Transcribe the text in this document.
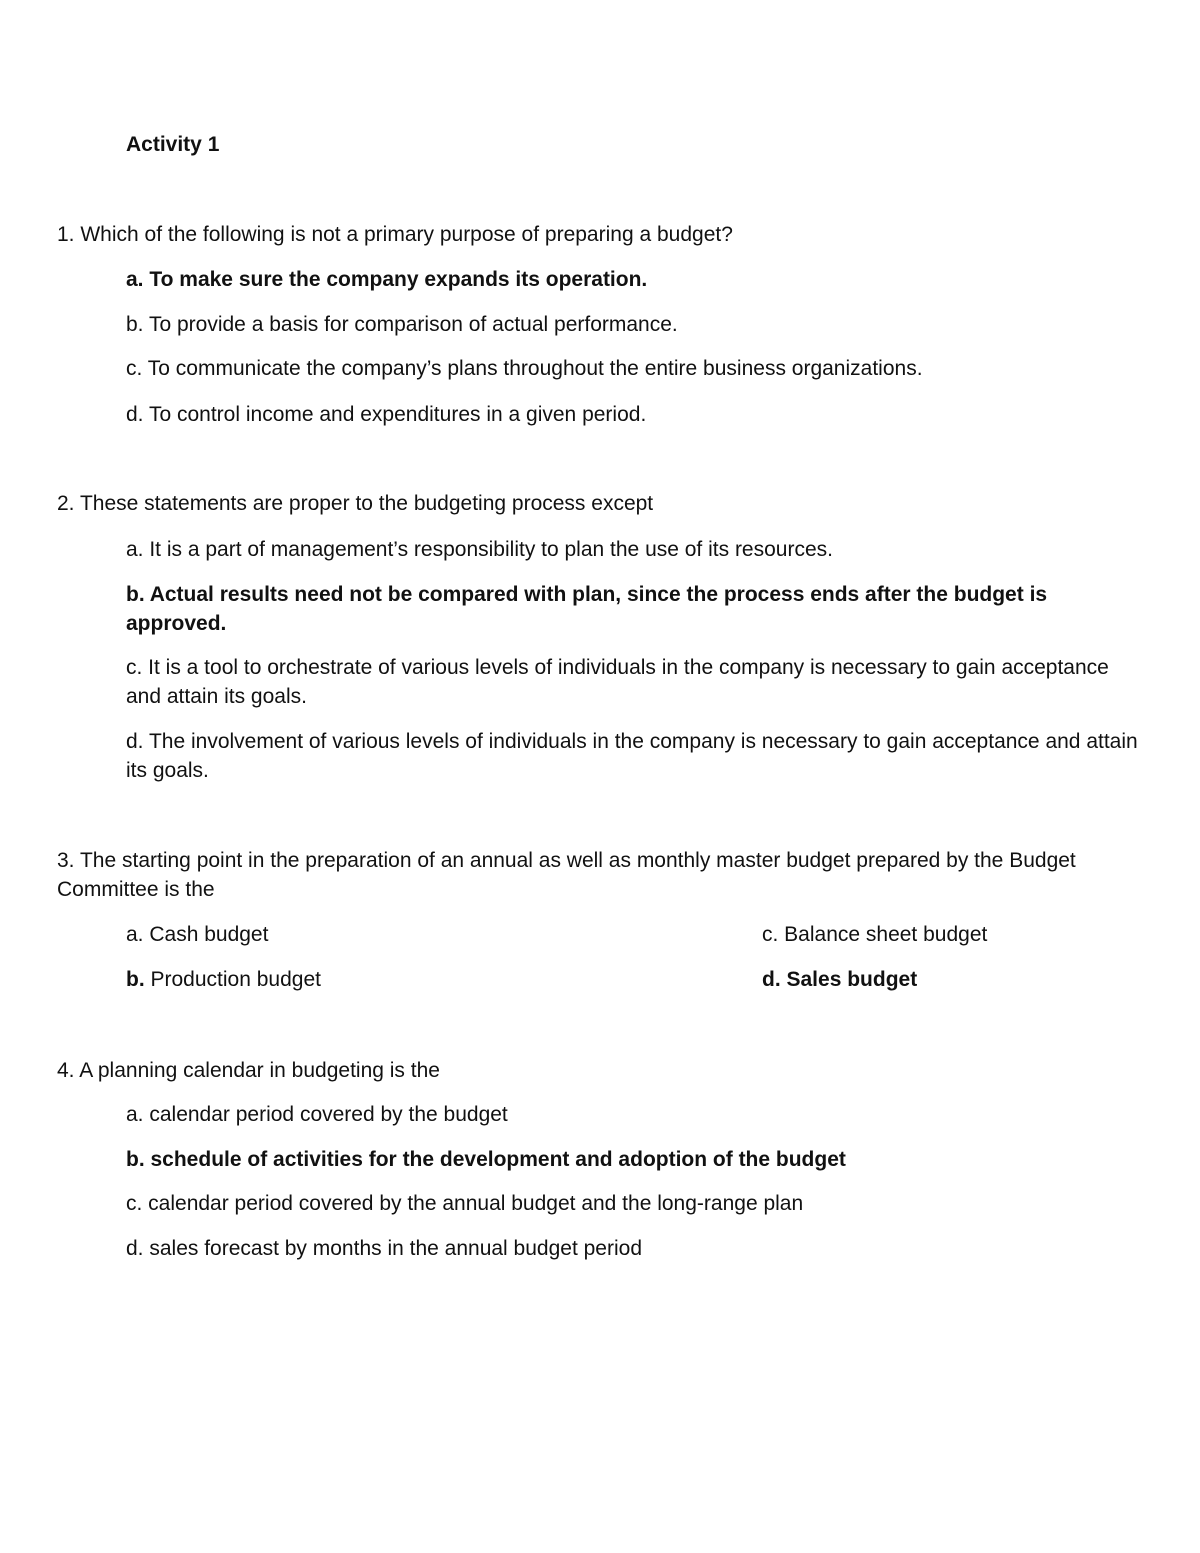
Activity 1
1. Which of the following is not a primary purpose of preparing a budget?
a. To make sure the company expands its operation.
b. To provide a basis for comparison of actual performance.
c. To communicate the company’s plans throughout the entire business organizations.
d. To control income and expenditures in a given period.
2. These statements are proper to the budgeting process except
a. It is a part of management’s responsibility to plan the use of its resources.
b. Actual results need not be compared with plan, since the process ends after the budget is approved.
c. It is a tool to orchestrate of various levels of individuals in the company is necessary to gain acceptance and attain its goals.
d. The involvement of various levels of individuals in the company is necessary to gain acceptance and attain its goals.
3. The starting point in the preparation of an annual as well as monthly master budget prepared by the Budget Committee is the
a. Cash budget	c. Balance sheet budget
b. Production budget	d. Sales budget
4. A planning calendar in budgeting is the
a. calendar period covered by the budget
b. schedule of activities for the development and adoption of the budget
c. calendar period covered by the annual budget and the long-range plan
d. sales forecast by months in the annual budget period
